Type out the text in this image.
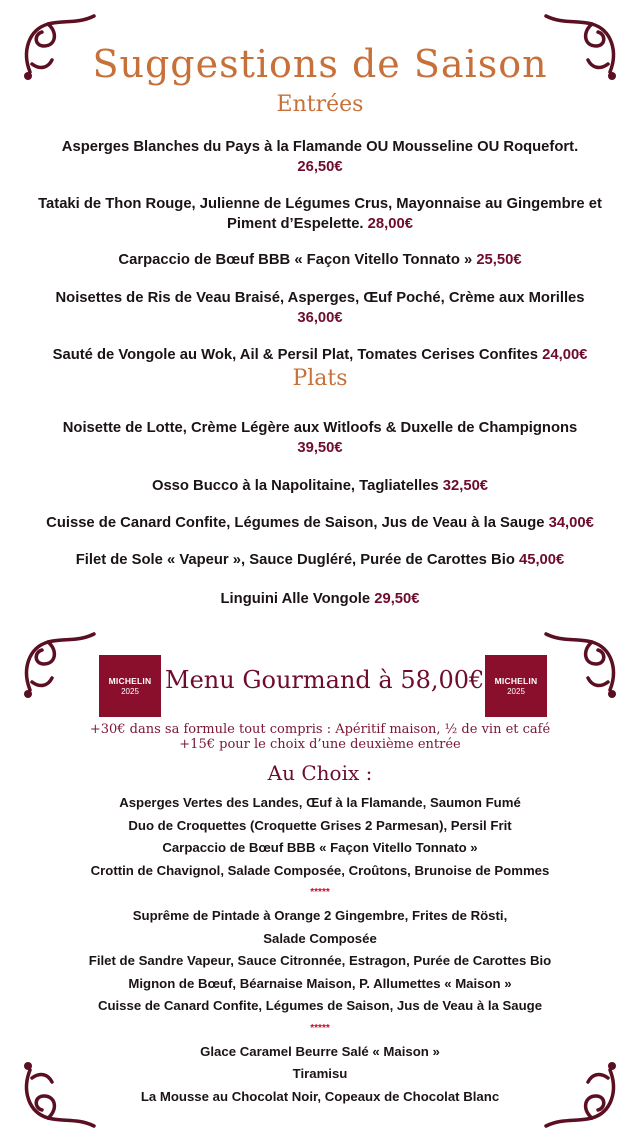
Suggestions de Saison
Entrées
Asperges Blanches du Pays à la Flamande OU Mousseline OU Roquefort.
26,50€
Tataki de Thon Rouge, Julienne de Légumes Crus, Mayonnaise au Gingembre et Piment d’Espelette. 28,00€
Carpaccio de Bœuf BBB « Façon Vitello Tonnato » 25,50€
Noisettes de Ris de Veau Braisé, Asperges, Œuf Poché, Crème aux Morilles
36,00€
Sauté de Vongole au Wok, Ail & Persil Plat, Tomates Cerises Confites 24,00€
Plats
Noisette de Lotte, Crème Légère aux Witloofs & Duxelle de Champignons
39,50€
Osso Bucco à la Napolitaine, Tagliatelles 32,50€
Cuisse de Canard Confite, Légumes de Saison, Jus de Veau à la Sauge 34,00€
Filet de Sole « Vapeur », Sauce Dugléré, Purée de Carottes Bio 45,00€
Linguini Alle Vongole 29,50€
MICHELIN
2025	Menu Gourmand à 58,00€	MICHELIN
2025
+30€ dans sa formule tout compris : Apéritif maison, ½ de vin et café
+15€ pour le choix d’une deuxième entrée
Au Choix :
Asperges Vertes des Landes, Œuf à la Flamande, Saumon Fumé
Duo de Croquettes (Croquette Grises 2 Parmesan), Persil Frit
Carpaccio de Bœuf BBB « Façon Vitello Tonnato »
Crottin de Chavignol, Salade Composée, Croûtons, Brunoise de Pommes
*****
Suprême de Pintade à Orange 2 Gingembre, Frites de Rösti,
Salade Composée
Filet de Sandre Vapeur, Sauce Citronnée, Estragon, Purée de Carottes Bio
Mignon de Bœuf, Béarnaise Maison, P. Allumettes « Maison »
Cuisse de Canard Confite, Légumes de Saison, Jus de Veau à la Sauge
*****
Glace Caramel Beurre Salé « Maison »
Tiramisu
La Mousse au Chocolat Noir, Copeaux de Chocolat Blanc
